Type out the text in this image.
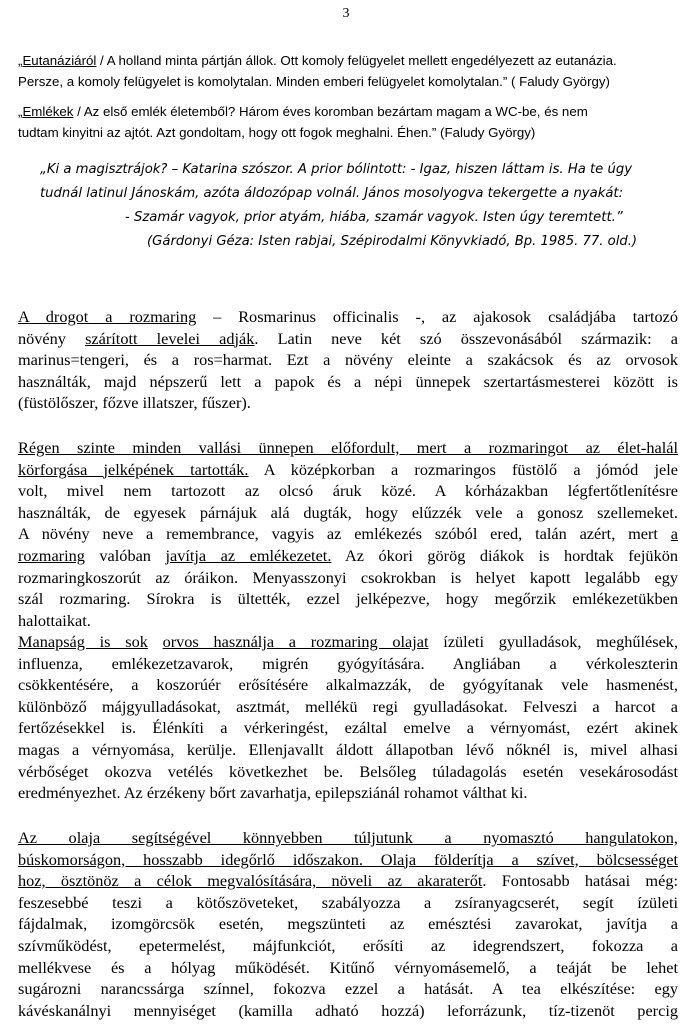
3
„Eutanáziáról / A holland minta pártján állok. Ott komoly felügyelet mellett engedélyezett az eutanázia.
Persze, a komoly felügyelet is komolytalan. Minden emberi felügyelet komolytalan.” ( Faludy György)
„Emlékek / Az első emlék életemből? Három éves koromban bezártam magam a WC-be, és nem
tudtam kinyitni az ajtót. Azt gondoltam, hogy ott fogok meghalni. Éhen.” (Faludy György)
„Ki a magisztrájok? – Katarina szószor. A prior bólintott: - Igaz, hiszen láttam is. Ha te úgy
tudnál latinul Jánoskám, azóta áldozópap volnál. János mosolyogva tekergette a nyakát:
- Szamár vagyok, prior atyám, hiába, szamár vagyok. Isten úgy teremtett.”
(Gárdonyi Géza: Isten rabjai, Szépirodalmi Könyvkiadó, Bp. 1985. 77. old.)
A drogot a rozmaring – Rosmarinus officinalis -, az ajakosok családjába tartozó
növény szárított levelei adják. Latin neve két szó összevonásából származik: a
marinus=tengeri, és a ros=harmat. Ezt a növény eleinte a szakácsok és az orvosok
használták, majd népszerű lett a papok és a népi ünnepek szertartásmesterei között is
(füstölőszer, főzve illatszer, fűszer).
Régen szinte minden vallási ünnepen előfordult, mert a rozmaringot az élet-halál
körforgása jelképének tartották. A középkorban a rozmaringos füstölő a jómód jele
volt, mivel nem tartozott az olcsó áruk közé. A kórházakban légfertőtlenítésre
használták, de egyesek párnájuk alá dugták, hogy elűzzék vele a gonosz szellemeket.
A növény neve a remembrance, vagyis az emlékezés szóból ered, talán azért, mert a
rozmaring valóban javítja az emlékezetet. Az ókori görög diákok is hordtak fejükön
rozmaringkoszorút az óráikon. Menyasszonyi csokrokban is helyet kapott legalább egy
szál rozmaring. Sírokra is ültették, ezzel jelképezve, hogy megőrzik emlékezetükben
halottaikat.
Manapság is sok orvos használja a rozmaring olajat ízületi gyulladások, meghűlések,
influenza, emlékezetzavarok, migrén gyógyítására. Angliában a vérkoleszterin
csökkentésére, a koszorúér erősítésére alkalmazzák, de gyógyítanak vele hasmenést,
különböző májgyulladásokat, asztmát, mellékü regi gyulladásokat. Felveszi a harcot a
fertőzésekkel is. Élénkíti a vérkeringést, ezáltal emelve a vérnyomást, ezért akinek
magas a vérnyomása, kerülje. Ellenjavallt áldott állapotban lévő nőknél is, mivel alhasi
vérbőséget okozva vetélés következhet be. Belsőleg túladagolás esetén vesekárosodást
eredményezhet. Az érzékeny bőrt zavarhatja, epilepsziánál rohamot válthat ki.
Az olaja segítségével könnyebben túljutunk a nyomasztó hangulatokon,
búskomorságon, hosszabb idegőrlő időszakon. Olaja földerítja a szívet, bölcsességet
hoz, ösztönöz a célok megvalósítására, növeli az akaraterőt. Fontosabb hatásai még:
feszesebbé teszi a kötőszöveteket, szabályozza a zsíranyagcserét, segít ízületi
fájdalmak, izomgörcsök esetén, megszünteti az emésztési zavarokat, javítja a
szívműködést, epetermelést, májfunkciót, erősíti az idegrendszert, fokozza a
mellékvese és a hólyag működését. Kitűnő vérnyomásemelő, a teáját be lehet
sugározni narancssárga színnel, fokozva ezzel a hatását. A tea elkészítése: egy
kávéskanálnyi mennyiséget (kamilla adható hozzá) leforrázunk, tíz-tizenöt percig
